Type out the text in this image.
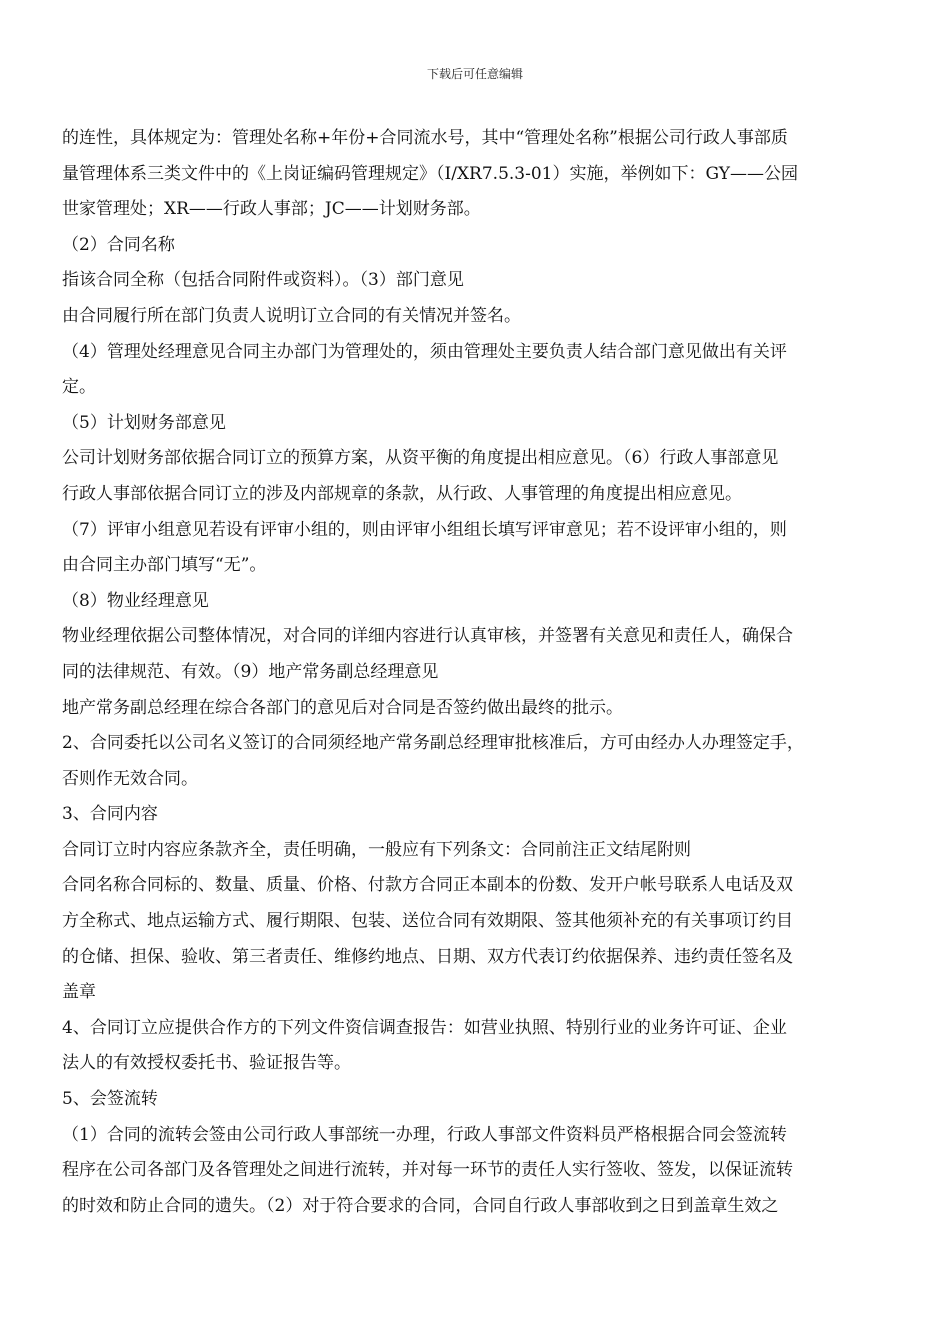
下载后可任意编辑
的连性，具体规定为：管理处名称+年份+合同流水号，其中“管理处名称”根据公司行政人事部质
量管理体系三类文件中的《上岗证编码管理规定》（I/XR7.5.3-01）实施，举例如下：GY——公园
世家管理处；XR——行政人事部；JC——计划财务部。
（2）合同名称
指该合同全称（包括合同附件或资料）。（3）部门意见
由合同履行所在部门负责人说明订立合同的有关情况并签名。
（4）管理处经理意见合同主办部门为管理处的，须由管理处主要负责人结合部门意见做出有关评
定。
（5）计划财务部意见
公司计划财务部依据合同订立的预算方案，从资平衡的角度提出相应意见。（6）行政人事部意见
行政人事部依据合同订立的涉及内部规章的条款，从行政、人事管理的角度提出相应意见。
（7）评审小组意见若设有评审小组的，则由评审小组组长填写评审意见；若不设评审小组的，则
由合同主办部门填写“无”。
（8）物业经理意见
物业经理依据公司整体情况，对合同的详细内容进行认真审核，并签署有关意见和责任人，确保合
同的法律规范、有效。（9）地产常务副总经理意见
地产常务副总经理在综合各部门的意见后对合同是否签约做出最终的批示。
2、合同委托以公司名义签订的合同须经地产常务副总经理审批核准后，方可由经办人办理签定手，
否则作无效合同。
3、合同内容
合同订立时内容应条款齐全，责任明确，一般应有下列条文：合同前注正文结尾附则
合同名称合同标的、数量、质量、价格、付款方合同正本副本的份数、发开户帐号联系人电话及双
方全称式、地点运输方式、履行期限、包装、送位合同有效期限、签其他须补充的有关事项订约目
的仓储、担保、验收、第三者责任、维修约地点、日期、双方代表订约依据保养、违约责任签名及
盖章
4、合同订立应提供合作方的下列文件资信调查报告：如营业执照、特别行业的业务许可证、企业
法人的有效授权委托书、验证报告等。
5、会签流转
（1）合同的流转会签由公司行政人事部统一办理，行政人事部文件资料员严格根据合同会签流转
程序在公司各部门及各管理处之间进行流转，并对每一环节的责任人实行签收、签发，以保证流转
的时效和防止合同的遗失。（2）对于符合要求的合同，合同自行政人事部收到之日到盖章生效之
